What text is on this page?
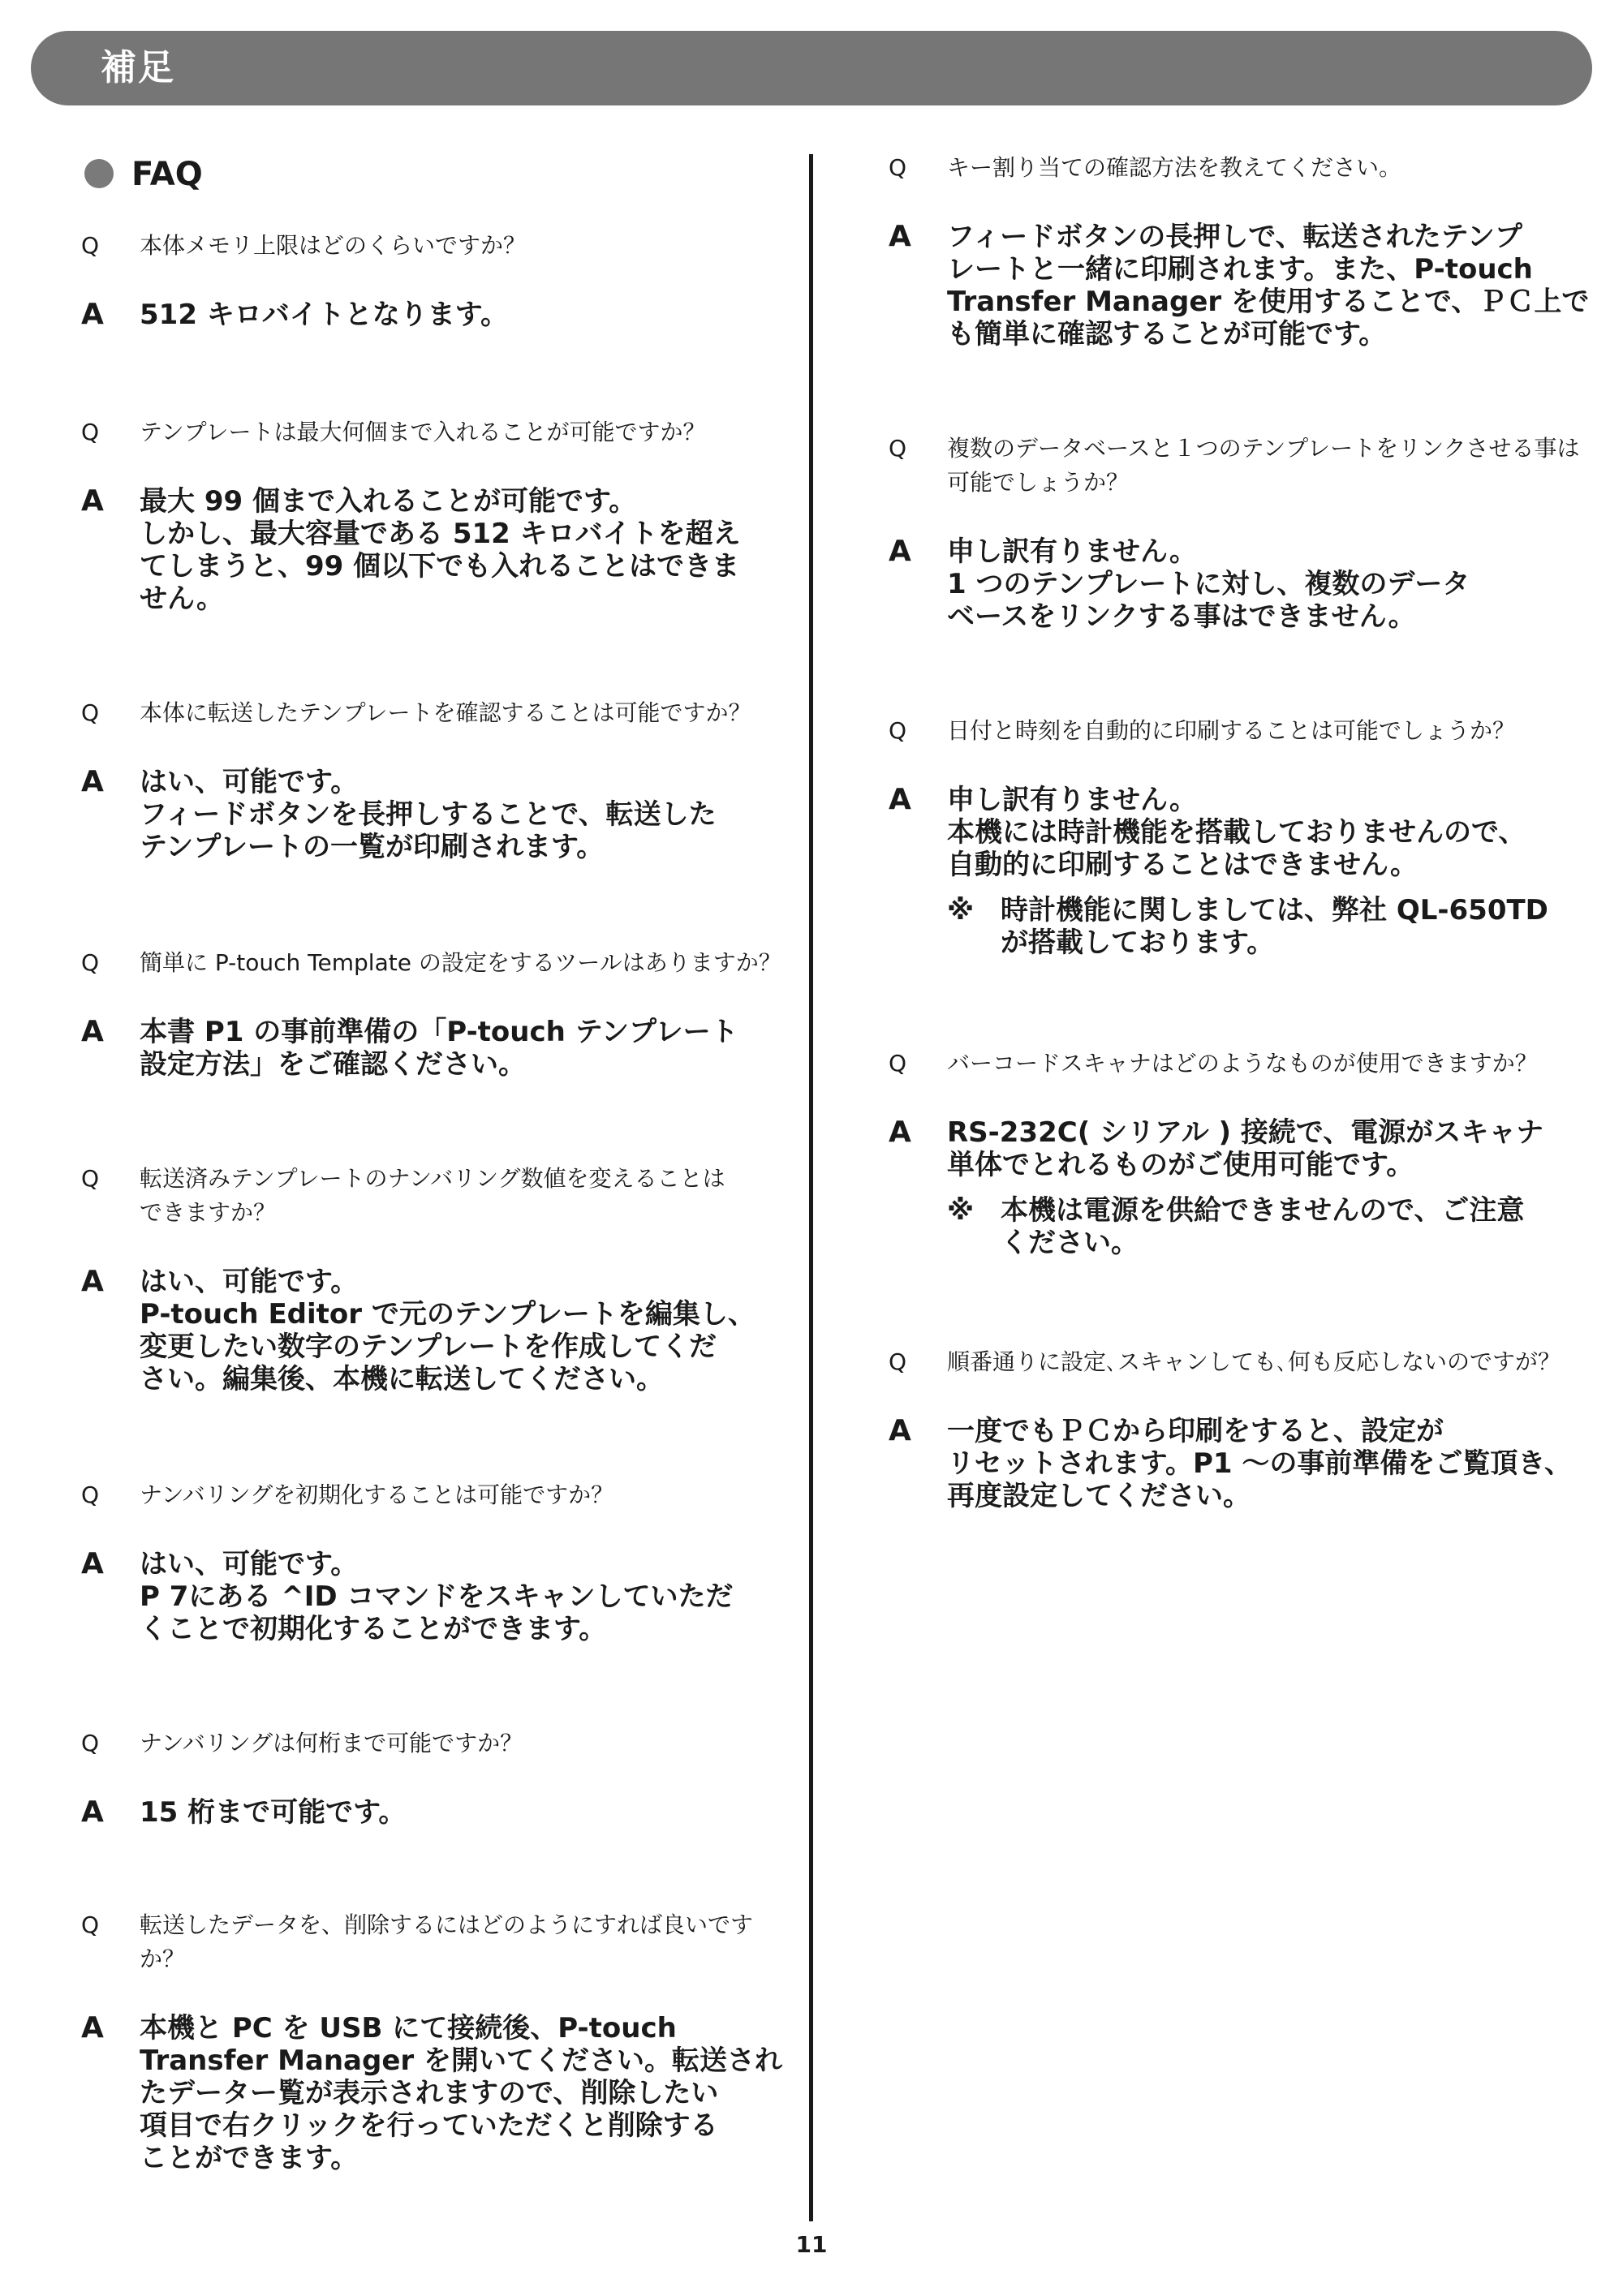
補足
FAQ
Q	本体メモリ上限はどのくらいですか？
A	512 キロバイトとなります。
Q	テンプレートは最大何個まで入れることが可能ですか？
A	最大 99 個まで入れることが可能です。
しかし、最大容量である 512 キロバイトを超え
てしまうと、99 個以下でも入れることはできま
せん。
Q	本体に転送したテンプレートを確認することは可能ですか？
A	はい、可能です。
フィードボタンを長押しすることで、転送した
テンプレートの一覧が印刷されます。
Q	簡単に P-touch Template の設定をするツールはありますか？
A	本書 P1 の事前準備の「P-touch テンプレート
設定方法」をご確認ください。
Q	転送済みテンプレートのナンバリング数値を変えることは
できますか？
A	はい、可能です。
P-touch Editor で元のテンプレートを編集し、
変更したい数字のテンプレートを作成してくだ
さい。編集後、本機に転送してください。
Q	ナンバリングを初期化することは可能ですか？
A	はい、可能です。
P 7にある ^ID コマンドをスキャンしていただ
くことで初期化することができます。
Q	ナンバリングは何桁まで可能ですか？
A	15 桁まで可能です。
Q	転送したデータを、削除するにはどのようにすれば良いです
か？
A	本機と PC を USB にて接続後、P-touch
Transfer Manager を開いてください。転送され
たデーター覧が表示されますので、削除したい
項目で右クリックを行っていただくと削除する
ことができます。
Q	キー割り当ての確認方法を教えてください。
A	フィードボタンの長押しで、転送されたテンプ
レートと一緒に印刷されます。また、P-touch
Transfer Manager を使用することで、ＰＣ上で
も簡単に確認することが可能です。
Q	複数のデータベースと１つのテンプレートをリンクさせる事は
可能でしょうか？
A	申し訳有りません。
1 つのテンプレートに対し、複数のデータ
ベースをリンクする事はできません。
Q	日付と時刻を自動的に印刷することは可能でしょうか？
A	申し訳有りません。
本機には時計機能を搭載しておりませんので、
自動的に印刷することはできません。
※ 時計機能に関しましては、弊社 QL-650TD
が搭載しております。
Q	バーコードスキャナはどのようなものが使用できますか？
A	RS-232C( シリアル ) 接続で、電源がスキャナ
単体でとれるものがご使用可能です。
※ 本機は電源を供給できませんので、ご注意
ください。
Q	順番通りに設定､スキャンしても､何も反応しないのですが？
A	一度でもＰＣから印刷をすると、設定が
リセットされます。P1 〜の事前準備をご覧頂き、
再度設定してください。
11
